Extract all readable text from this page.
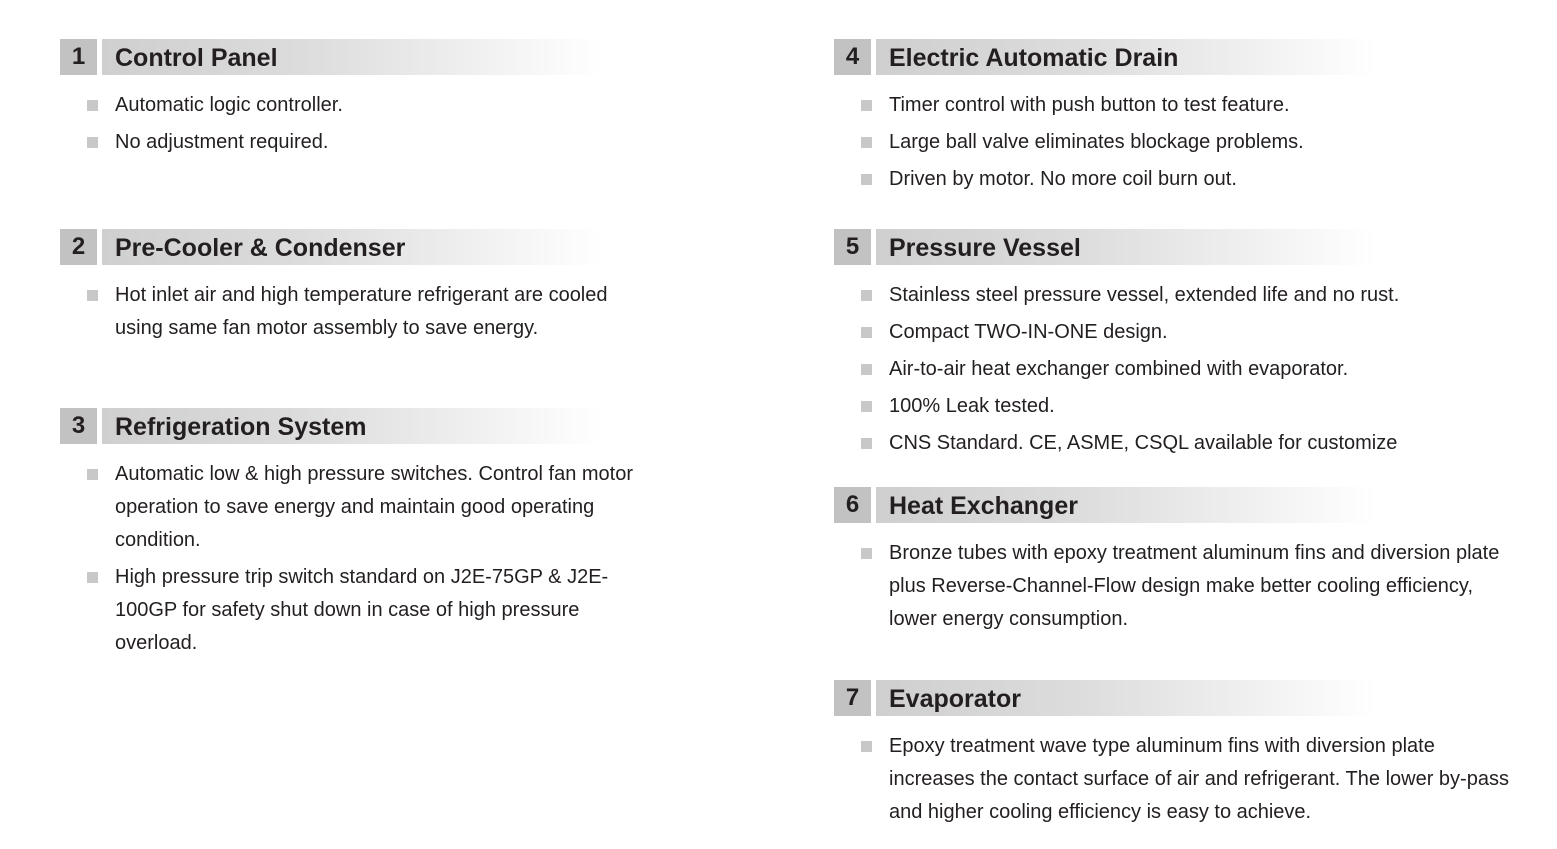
1	Control Panel
Automatic logic controller.
No adjustment required.
2	Pre-Cooler & Condenser
Hot inlet air and high temperature refrigerant are cooled using same fan motor assembly to save energy.
3	Refrigeration System
Automatic low & high pressure switches. Control fan motor operation to save energy and maintain good operating condition.
High pressure trip switch standard on J2E-75GP & J2E-100GP for safety shut down in case of high pressure overload.
4	Electric Automatic Drain
Timer control with push button to test feature.
Large ball valve eliminates blockage problems.
Driven by motor. No more coil burn out.
5	Pressure Vessel
Stainless steel pressure vessel, extended life and no rust.
Compact TWO-IN-ONE design.
Air-to-air heat exchanger combined with evaporator.
100% Leak tested.
CNS Standard. CE, ASME, CSQL available for customize
6	Heat Exchanger
Bronze tubes with epoxy treatment aluminum fins and diversion plate plus Reverse-Channel-Flow design make better cooling efficiency, lower energy consumption.
7	Evaporator
Epoxy treatment wave type aluminum fins with diversion plate increases the contact surface of air and refrigerant. The lower by-pass and higher cooling efficiency is easy to achieve.
